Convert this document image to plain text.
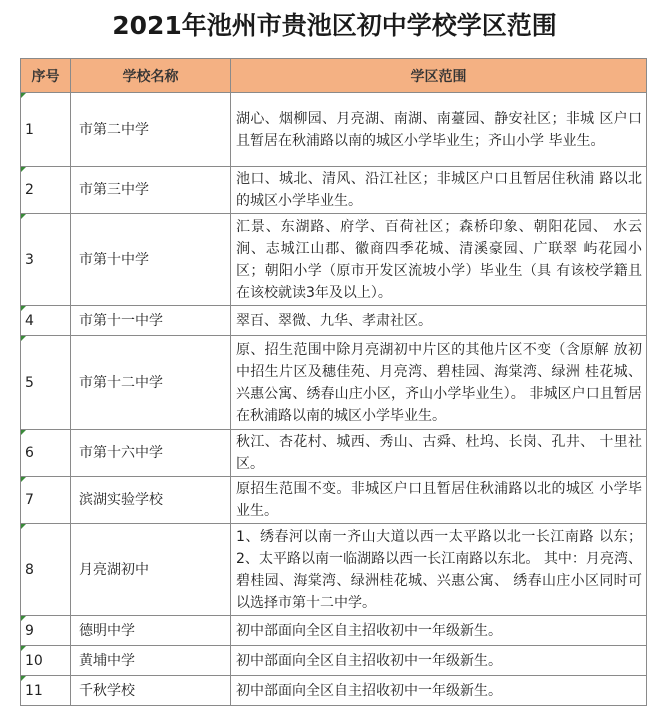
2021年池州市贵池区初中学校学区范围
序号	学校名称	学区范围
1	市第二中学	湖心、烟柳园、月亮湖、南湖、南薹园、静安社区；非城 区户口且暂居在秋浦路以南的城区小学毕业生；齐山小学 毕业生。
2	市第三中学	池口、城北、清风、沿江社区；非城区户口且暂居住秋浦 路以北的城区小学毕业生。
3	市第十中学	汇景、东湖路、府学、百荷社区；森桥印象、朝阳花园、 水云涧、志城江山郡、徽商四季花城、清溪豪园、广联翠 屿花园小区；朝阳小学（原市开发区流坡小学）毕业生（具 有该校学籍且在该校就读3年及以上）。
4	市第十一中学	翠百、翠微、九华、孝肃社区。
5	市第十二中学	原、招生范围中除月亮湖初中片区的其他片区不变（含原解 放初中招生片区及穗佳苑、月亮湾、碧桂园、海棠湾、绿洲 桂花城、兴惠公寓、绣春山庄小区，齐山小学毕业生）。 非城区户口且暂居在秋浦路以南的城区小学毕业生。
6	市第十六中学	秋江、杏花村、城西、秀山、古舜、杜坞、长岗、孔井、 十里社区。
7	滨湖实验学校	原招生范围不变。非城区户口且暂居住秋浦路以北的城区 小学毕业生。
8	月亮湖初中	1、绣春河以南一齐山大道以西一太平路以北一长江南路 以东；2、太平路以南一临湖路以西一长江南路以东北。 其中：月亮湾、碧桂园、海棠湾、绿洲桂花城、兴惠公寓、 绣春山庄小区同时可以选择市第十二中学。
9	德明中学	初中部面向全区自主招收初中一年级新生。
10	黄埔中学	初中部面向全区自主招收初中一年级新生。
11	千秋学校	初中部面向全区自主招收初中一年级新生。
